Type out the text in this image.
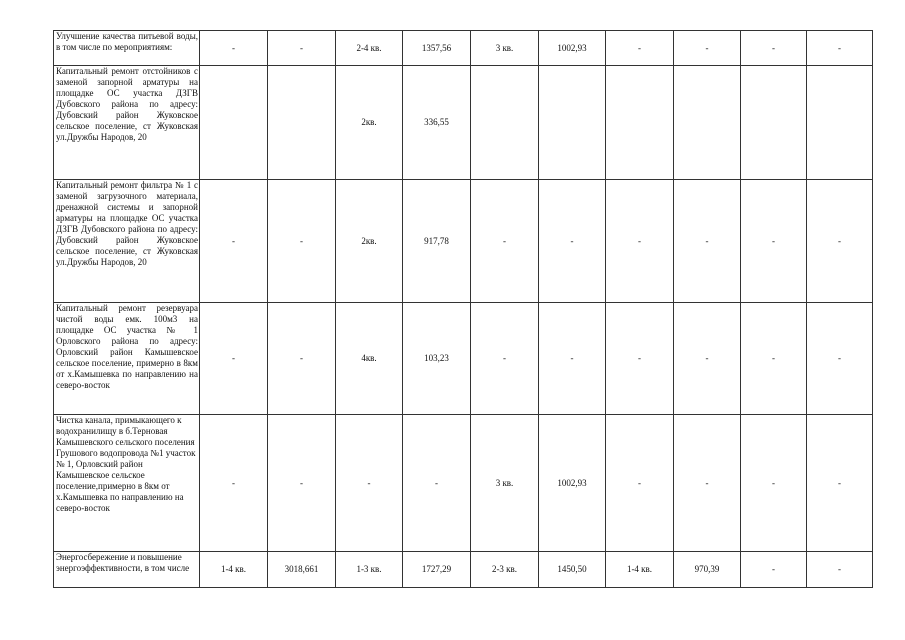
Улучшение качества питьевой воды, в том числе по мероприятиям:	-	-	2-4 кв.	1357,56	3 кв.	1002,93	-	-	-	-
Капитальный ремонт отстойников с заменой запорной арматуры на площадке ОС участка ДЗГВ Дубовского района по адресу: Дубовский район Жуковское сельское поселение, ст Жуковская ул.Дружбы Народов, 20			2кв.	336,55						
Капитальный ремонт фильтра № 1 с заменой загрузочного материала, дренажной системы и запорной арматуры на площадке ОС участка ДЗГВ Дубовского района по адресу: Дубовский район Жуковское сельское поселение, ст Жуковская ул.Дружбы Народов, 20	-	-	2кв.	917,78	-	-	-	-	-	-
Капитальный ремонт резервуара чистой воды емк. 100м3 на площадке ОС участка № 1 Орловского района по адресу: Орловский район Камышевское сельское поселение, примерно в 8км от х.Камышевка по направлению на северо-восток	-	-	4кв.	103,23	-	-	-	-	-	-
Чистка канала, примыкающего к водохранилищу в б.Терновая Камышевского сельского поселения Грушового водопровода №1 участок № 1, Орловский район Камышевское сельское поселение,примерно в 8км от х.Камышевка по направлению на северо-восток	-	-	-	-	3 кв.	1002,93	-	-	-	-

Энергосбережение и повышение энергоэффективности, в том числе	1-4 кв.	3018,661	1-3 кв.	1727,29	2-3 кв.	1450,50	1-4 кв.	970,39	-	-
